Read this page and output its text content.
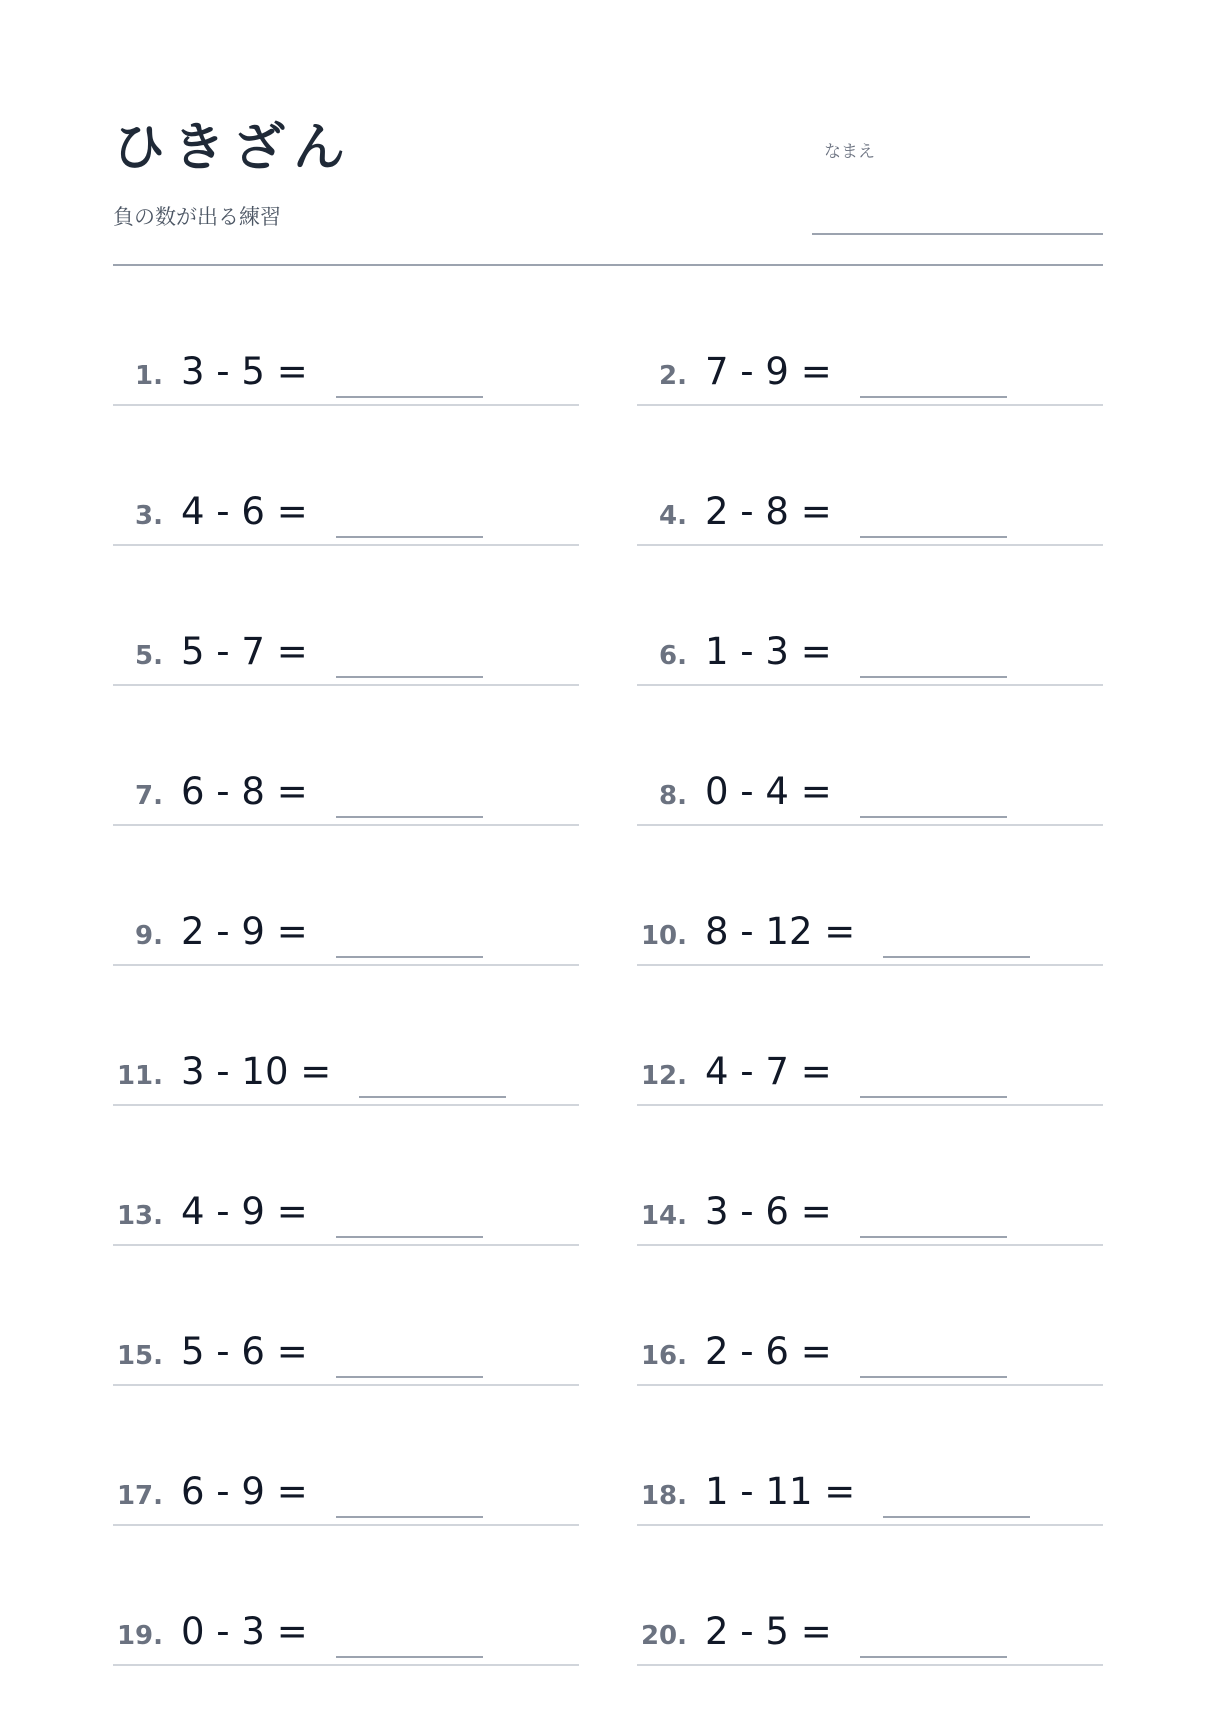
ひきざん
負の数が出る練習
なまえ
1. 3 - 5 =	2. 7 - 9 =
3. 4 - 6 =	4. 2 - 8 =
5. 5 - 7 =	6. 1 - 3 =
7. 6 - 8 =	8. 0 - 4 =
9. 2 - 9 =	10. 8 - 12 =
11. 3 - 10 =	12. 4 - 7 =
13. 4 - 9 =	14. 3 - 6 =
15. 5 - 6 =	16. 2 - 6 =
17. 6 - 9 =	18. 1 - 11 =
19. 0 - 3 =	20. 2 - 5 =
